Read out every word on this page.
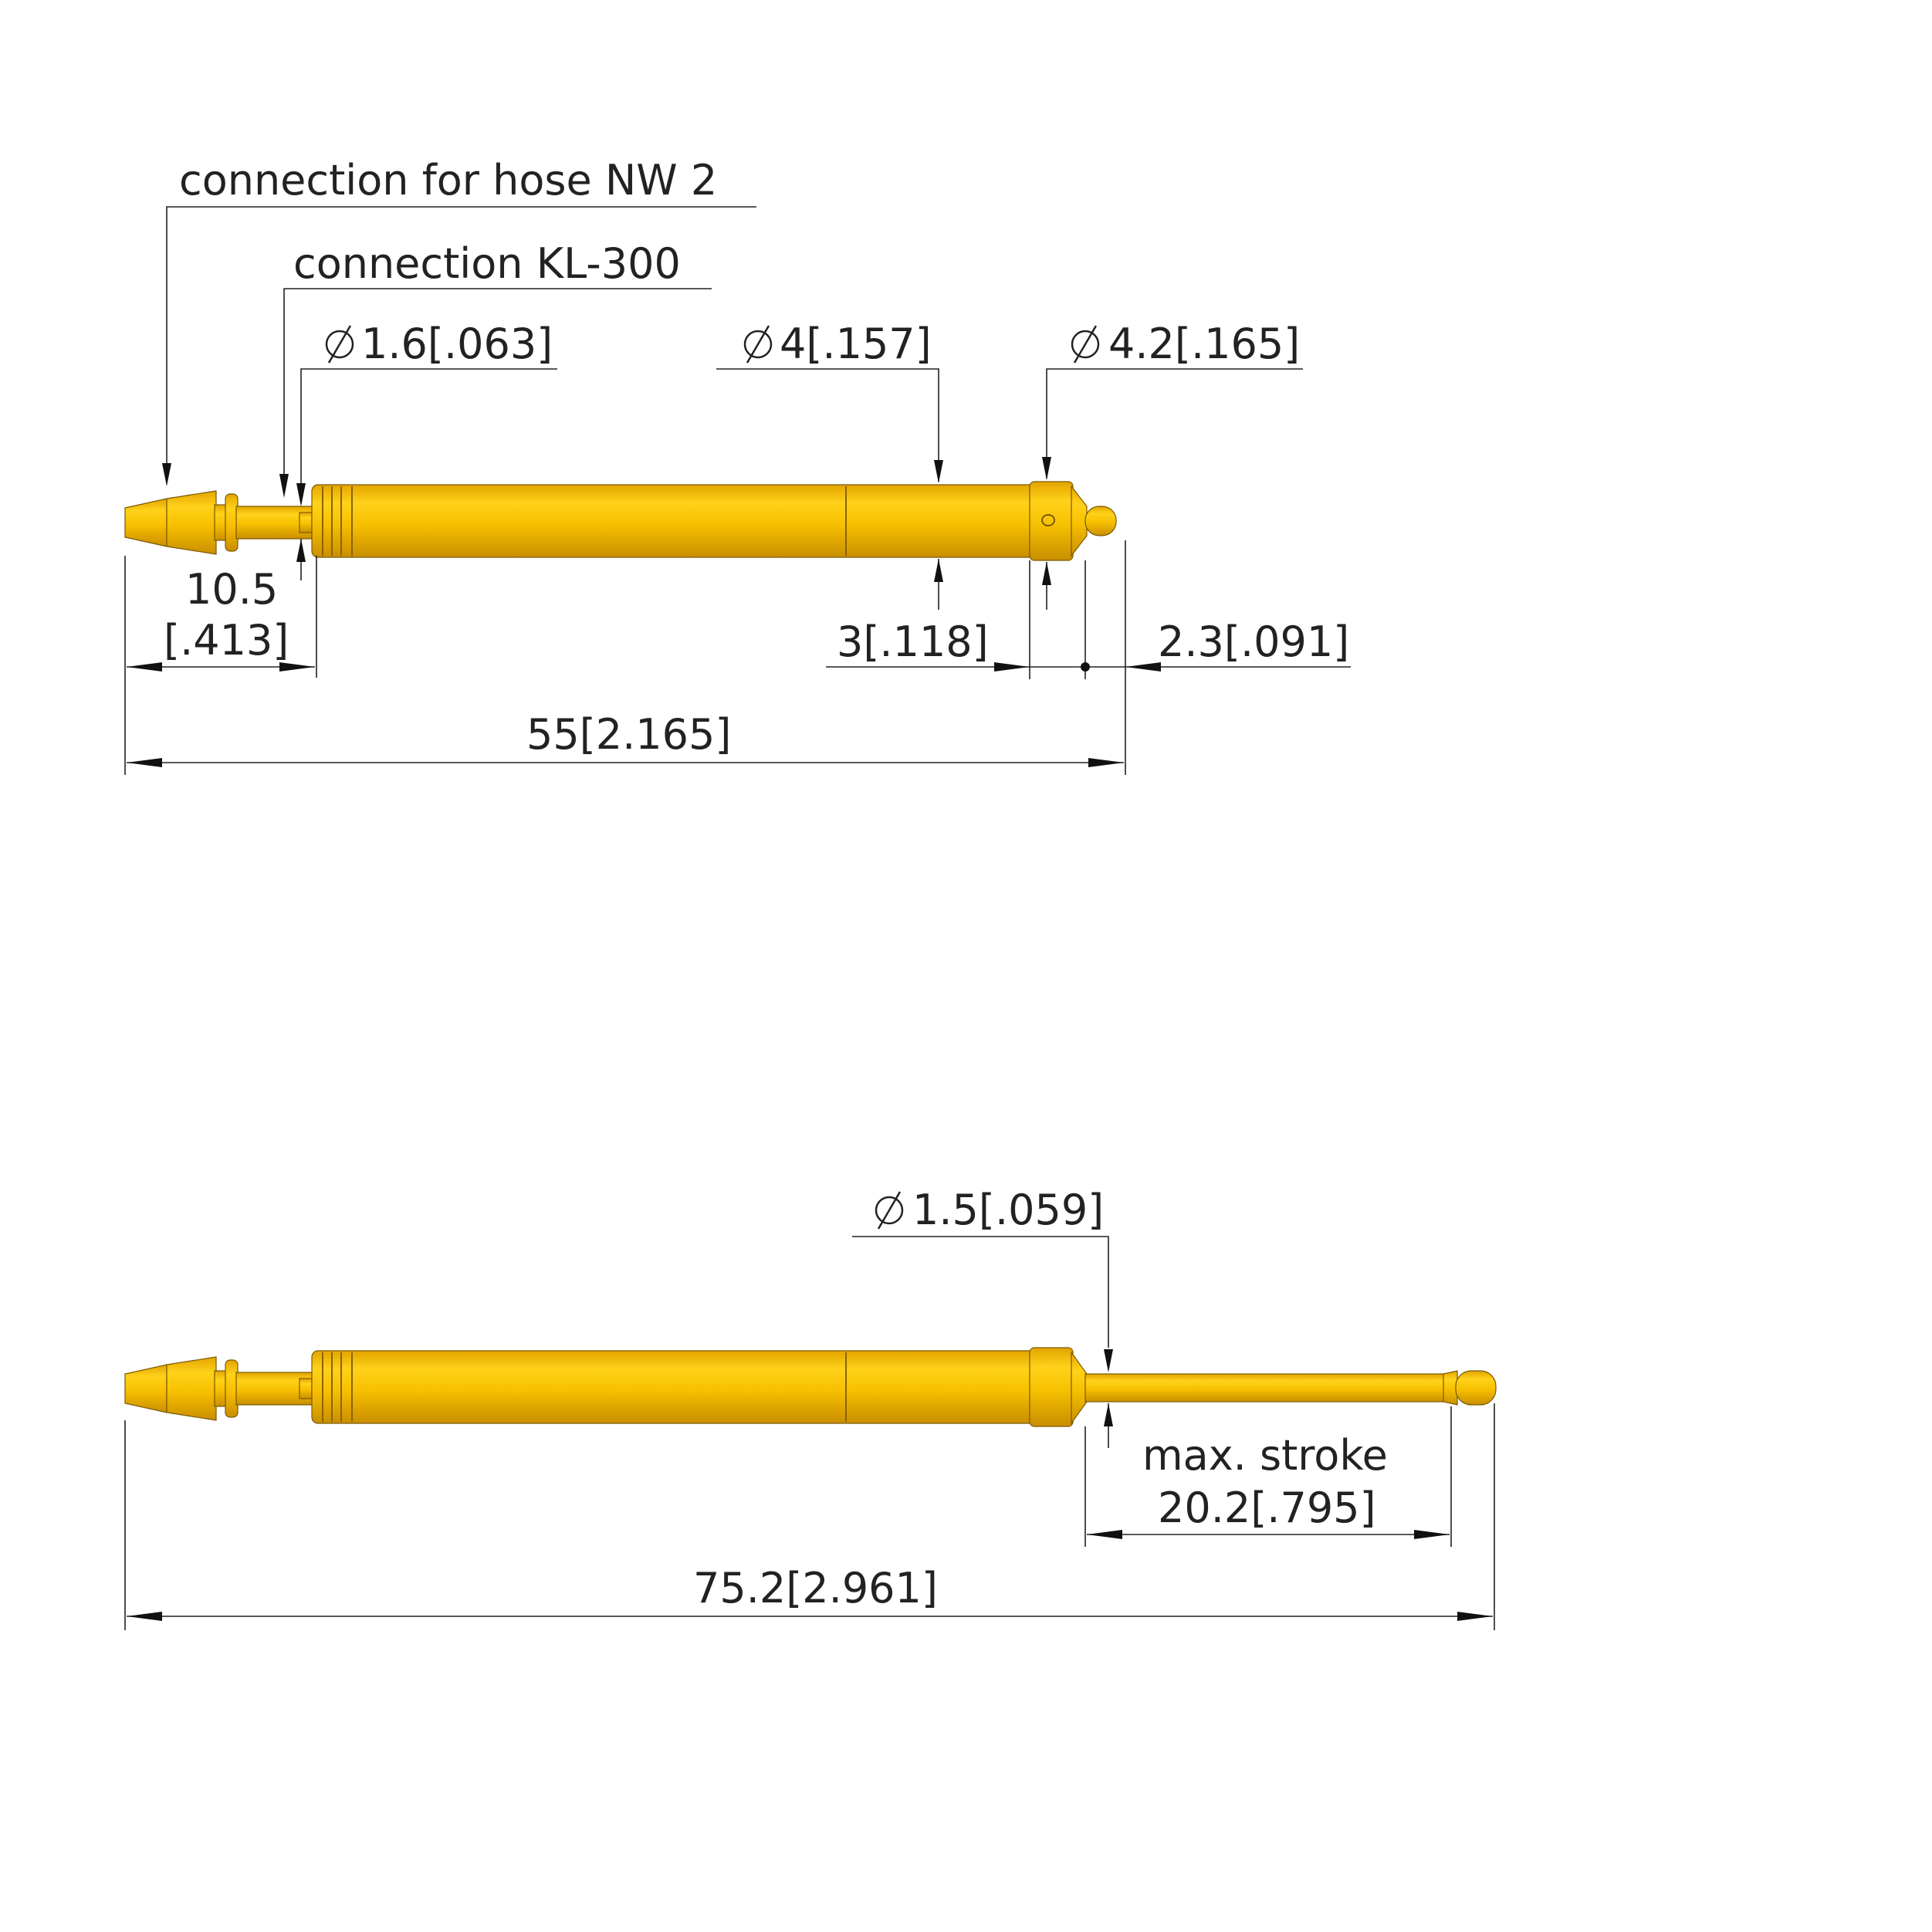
connection for hose NW 2
connection KL-300
1.6[.063]	4[.157]	4.2[.165]
10.5
[.413]	3[.118]	2.3[.091]
55[2.165]
1.5[.059]
max. stroke
20.2[.795]
75.2[2.961]
